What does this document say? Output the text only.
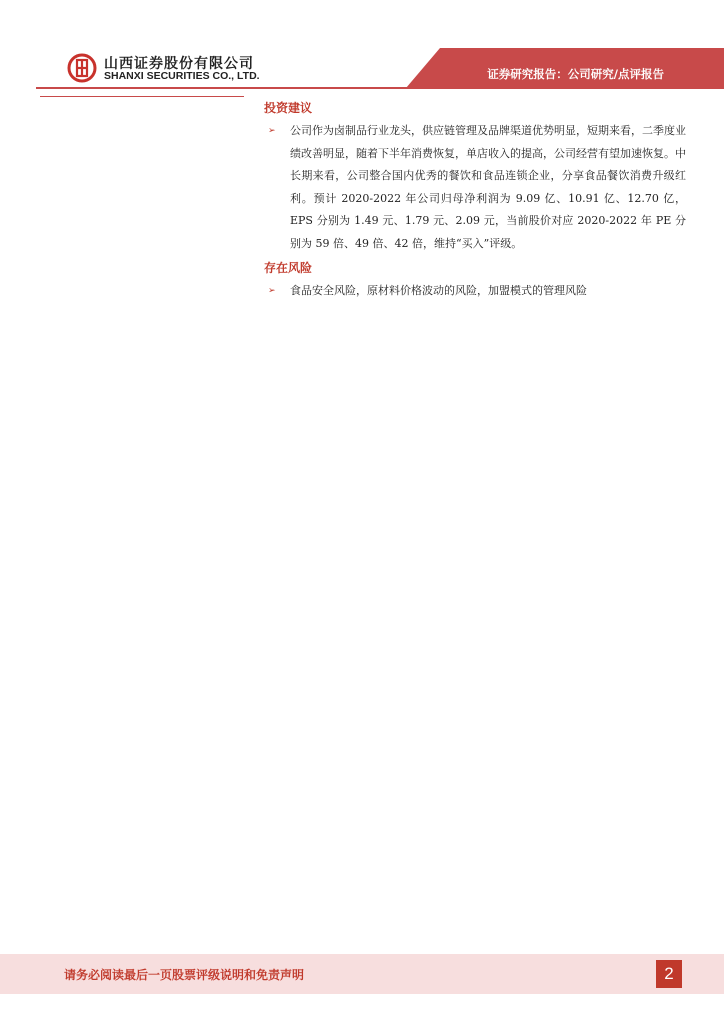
山西证券股份有限公司
SHANXI SECURITIES CO., LTD.	证券研究报告：公司研究/点评报告
投资建议
➢ 公司作为卤制品行业龙头，供应链管理及品牌渠道优势明显，短期来看，二季度业绩改善明显，随着下半年消费恢复，单店收入的提高，公司经营有望加速恢复。中长期来看，公司整合国内优秀的餐饮和食品连锁企业，分享食品餐饮消费升级红利。预计 2020-2022 年公司归母净利润为 9.09 亿、10.91 亿、12.70 亿，EPS 分别为 1.49 元、1.79 元、2.09 元，当前股价对应 2020-2022 年 PE 分别为 59 倍、49 倍、42 倍，维持“买入”评级。
存在风险
➢ 食品安全风险，原材料价格波动的风险，加盟模式的管理风险
请务必阅读最后一页股票评级说明和免责声明	2
